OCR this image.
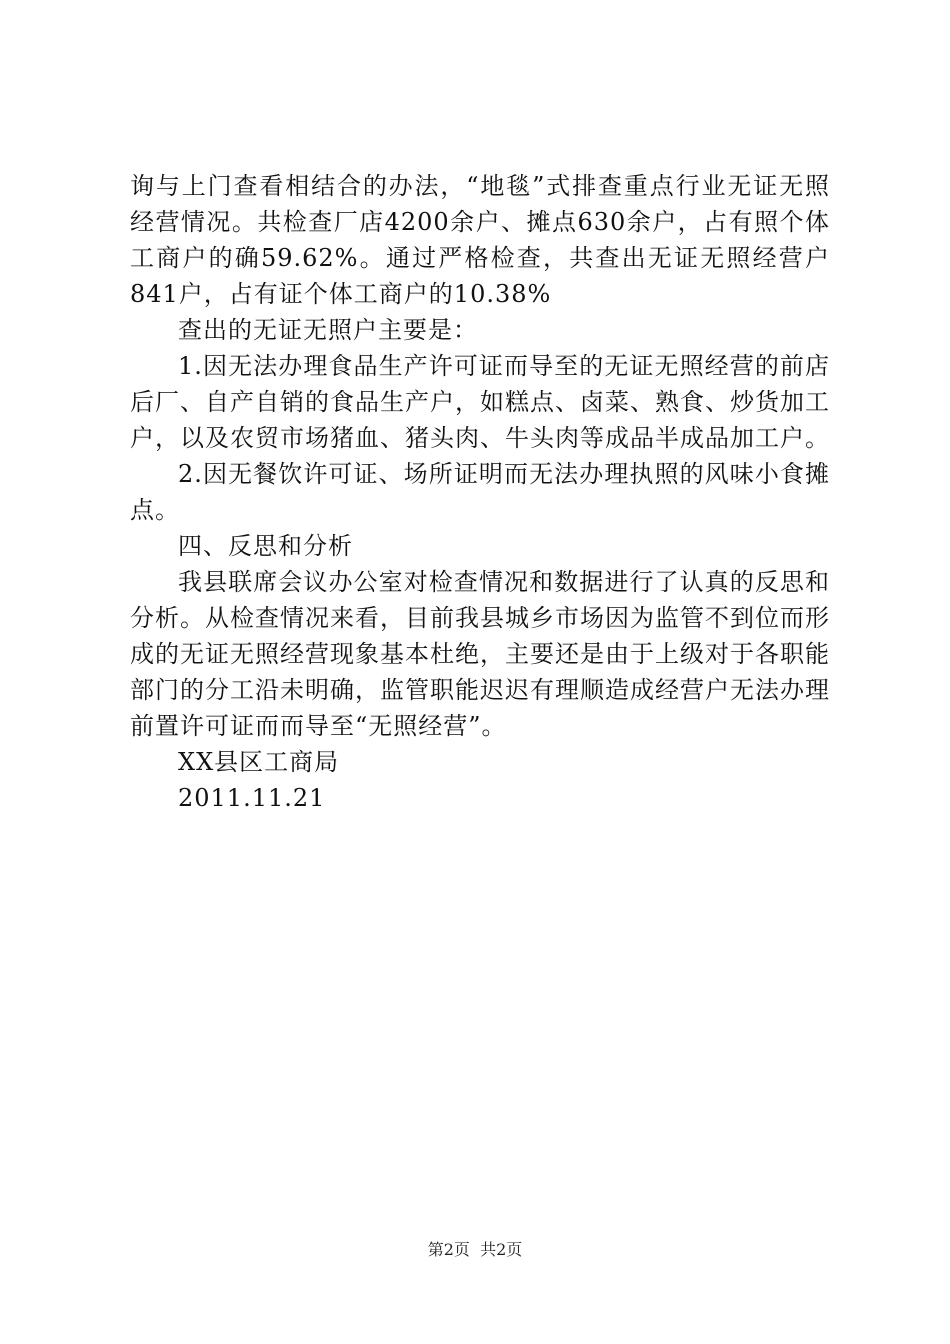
询与上门查看相结合的办法，“地毯”式排查重点行业无证无照经营情况。共检查厂店4200余户、摊点630余户，占有照个体工商户的确59.62%。通过严格检查，共查出无证无照经营户841户，占有证个体工商户的10.38%

查出的无证无照户主要是：

1.因无法办理食品生产许可证而导至的无证无照经营的前店后厂、自产自销的食品生产户，如糕点、卤菜、熟食、炒货加工户，以及农贸市场猪血、猪头肉、牛头肉等成品半成品加工户。

2.因无餐饮许可证、场所证明而无法办理执照的风味小食摊点。

四、反思和分析

我县联席会议办公室对检查情况和数据进行了认真的反思和分析。从检查情况来看，目前我县城乡市场因为监管不到位而形成的无证无照经营现象基本杜绝，主要还是由于上级对于各职能部门的分工沿未明确，监管职能迟迟有理顺造成经营户无法办理前置许可证而而导至“无照经营”。

XX县区工商局

2011.11.21

第2页  共2页
